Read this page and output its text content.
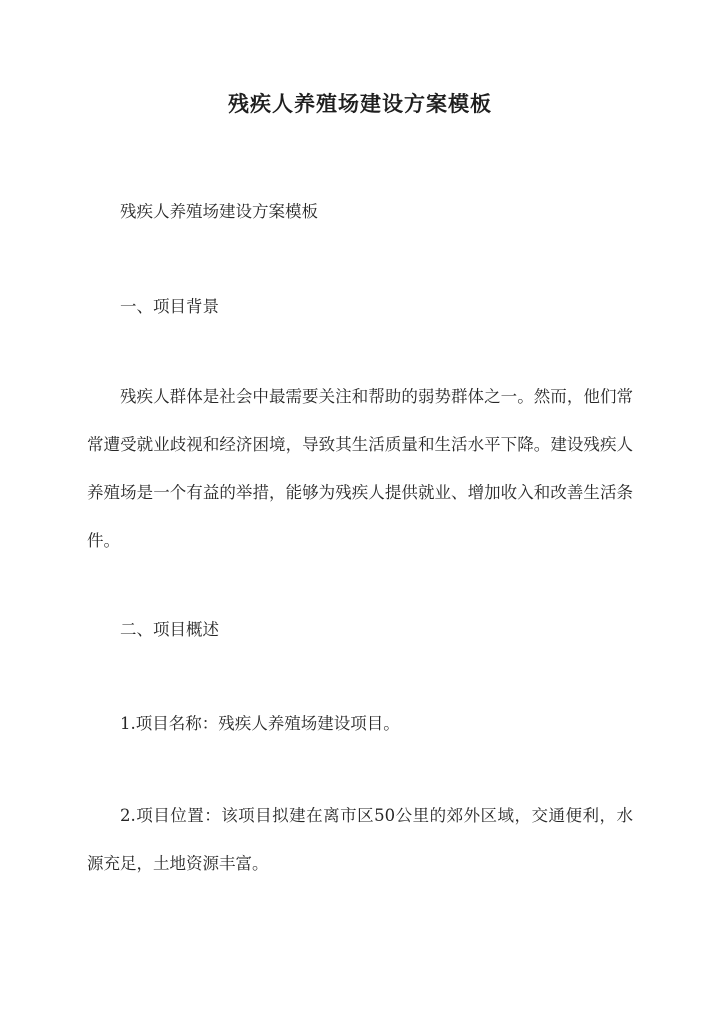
残疾人养殖场建设方案模板
残疾人养殖场建设方案模板
一、项目背景
残疾人群体是社会中最需要关注和帮助的弱势群体之一。然而，他们常常遭受就业歧视和经济困境，导致其生活质量和生活水平下降。建设残疾人养殖场是一个有益的举措，能够为残疾人提供就业、增加收入和改善生活条件。
二、项目概述
1.项目名称：残疾人养殖场建设项目。
2.项目位置：该项目拟建在离市区50公里的郊外区域，交通便利，水源充足，土地资源丰富。
